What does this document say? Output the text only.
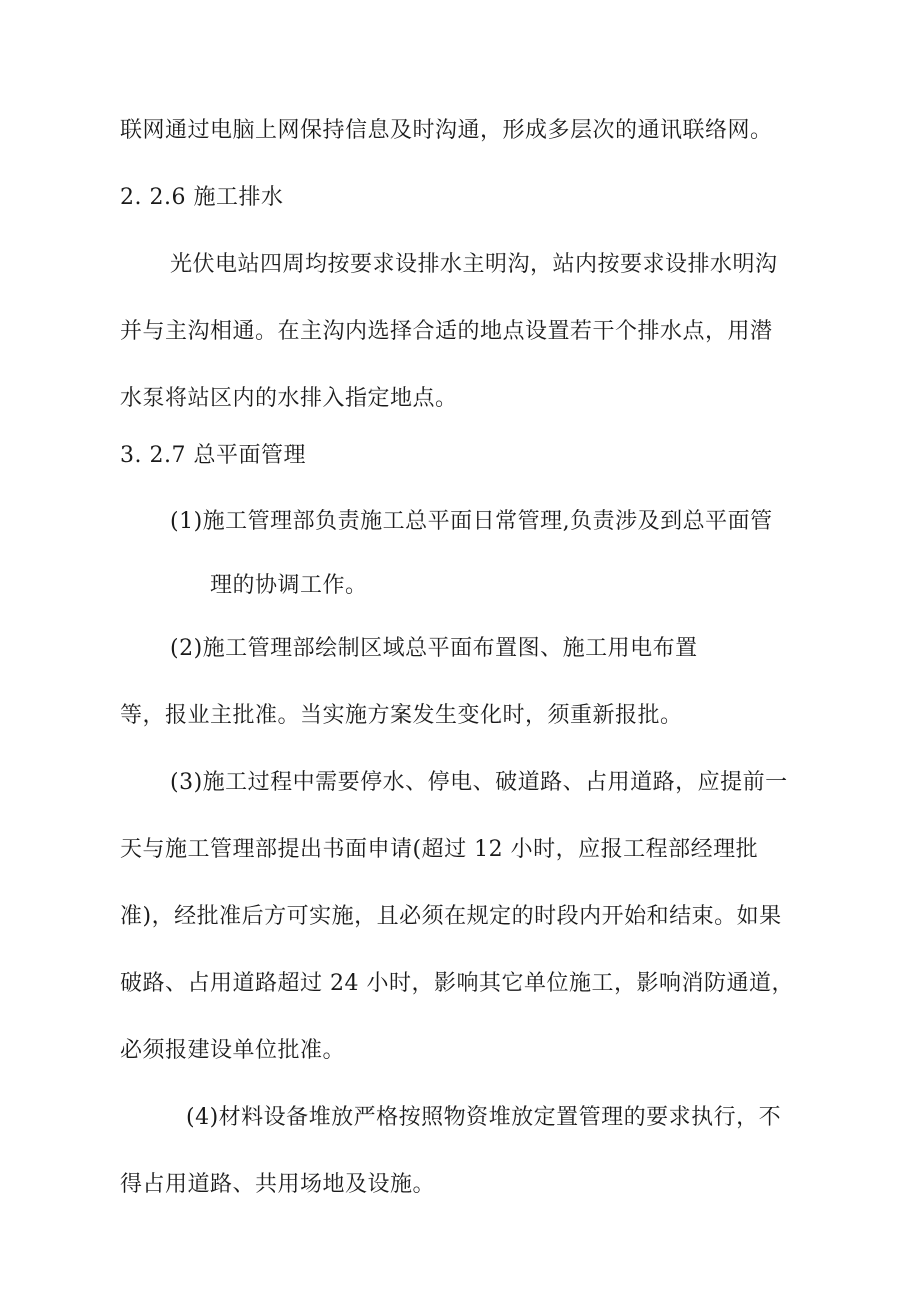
联网通过电脑上网保持信息及时沟通，形成多层次的通讯联络网。
2. 2.6 施工排水
光伏电站四周均按要求设排水主明沟，站内按要求设排水明沟
并与主沟相通。在主沟内选择合适的地点设置若干个排水点，用潜
水泵将站区内的水排入指定地点。
3. 2.7 总平面管理
(1)施工管理部负责施工总平面日常管理,负责涉及到总平面管
理的协调工作。
(2)施工管理部绘制区域总平面布置图、施工用电布置
等，报业主批准。当实施方案发生变化时，须重新报批。
(3)施工过程中需要停水、停电、破道路、占用道路，应提前一
天与施工管理部提出书面申请(超过 12 小时，应报工程部经理批
准)，经批准后方可实施，且必须在规定的时段内开始和结束。如果
破路、占用道路超过 24 小时，影响其它单位施工，影响消防通道，
必须报建设单位批准。
(4)材料设备堆放严格按照物资堆放定置管理的要求执行，不
得占用道路、共用场地及设施。
